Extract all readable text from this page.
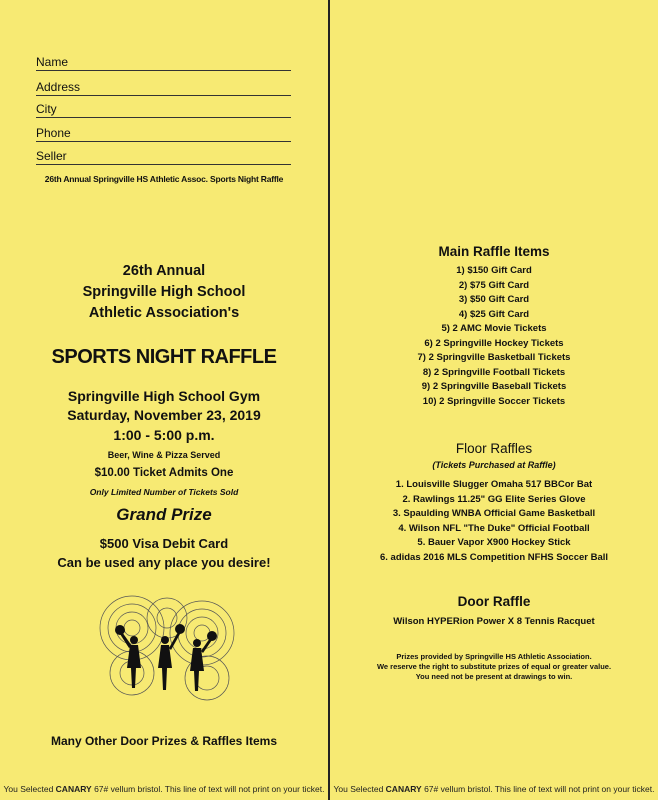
Name
Address
City
Phone
Seller
26th Annual Springville HS Athletic Assoc. Sports Night Raffle
26th Annual
Springville High School
Athletic Association's
SPORTS NIGHT RAFFLE
Springville High School Gym
Saturday, November 23, 2019
1:00 - 5:00 p.m.
Beer, Wine & Pizza Served
$10.00 Ticket Admits One
Only Limited Number of Tickets Sold
Grand Prize
$500 Visa Debit Card
Can be used any place you desire!
Many Other Door Prizes & Raffles Items
You Selected CANARY 67# vellum bristol. This line of text will not print on your ticket.
Main Raffle Items
1) $150 Gift Card
2) $75 Gift Card
3) $50 Gift Card
4) $25 Gift Card
5) 2 AMC Movie Tickets
6) 2 Springville Hockey Tickets
7) 2 Springville Basketball Tickets
8) 2 Springville Football Tickets
9) 2 Springville Baseball Tickets
10) 2 Springville Soccer Tickets
Floor Raffles
(Tickets Purchased at Raffle)
1. Louisville Slugger Omaha 517 BBCor Bat
2. Rawlings 11.25" GG Elite Series Glove
3. Spaulding WNBA Official Game Basketball
4. Wilson NFL "The Duke" Official Football
5. Bauer Vapor X900 Hockey Stick
6. adidas 2016 MLS Competition NFHS Soccer Ball
Door Raffle
Wilson HYPERion Power X 8 Tennis Racquet
Prizes provided by Springville HS Athletic Association.
We reserve the right to substitute prizes of equal or greater value.
You need not be present at drawings to win.
You Selected CANARY 67# vellum bristol. This line of text will not print on your ticket.
